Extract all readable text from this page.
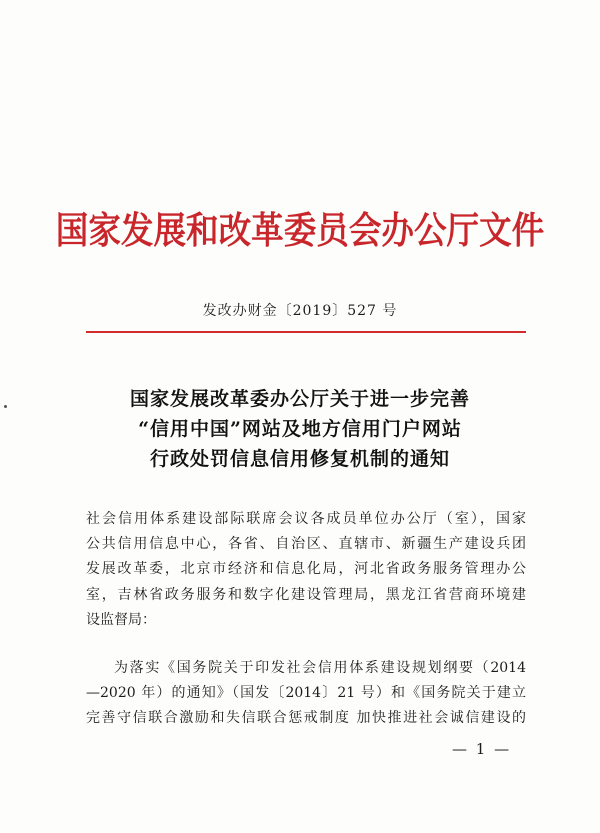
国家发展和改革委员会办公厅文件
发改办财金〔2019〕527 号
国家发展改革委办公厅关于进一步完善
“信用中国”网站及地方信用门户网站
行政处罚信息信用修复机制的通知
社会信用体系建设部际联席会议各成员单位办公厅（室），国家
公共信用信息中心，各省、自治区、直辖市、新疆生产建设兵团
发展改革委，北京市经济和信息化局，河北省政务服务管理办公
室，吉林省政务服务和数字化建设管理局，黑龙江省营商环境建
设监督局：
为落实《国务院关于印发社会信用体系建设规划纲要（2014
—2020 年）的通知》（国发〔2014〕21 号）和《国务院关于建立
完善守信联合激励和失信联合惩戒制度 加快推进社会诚信建设的
— 1 —
